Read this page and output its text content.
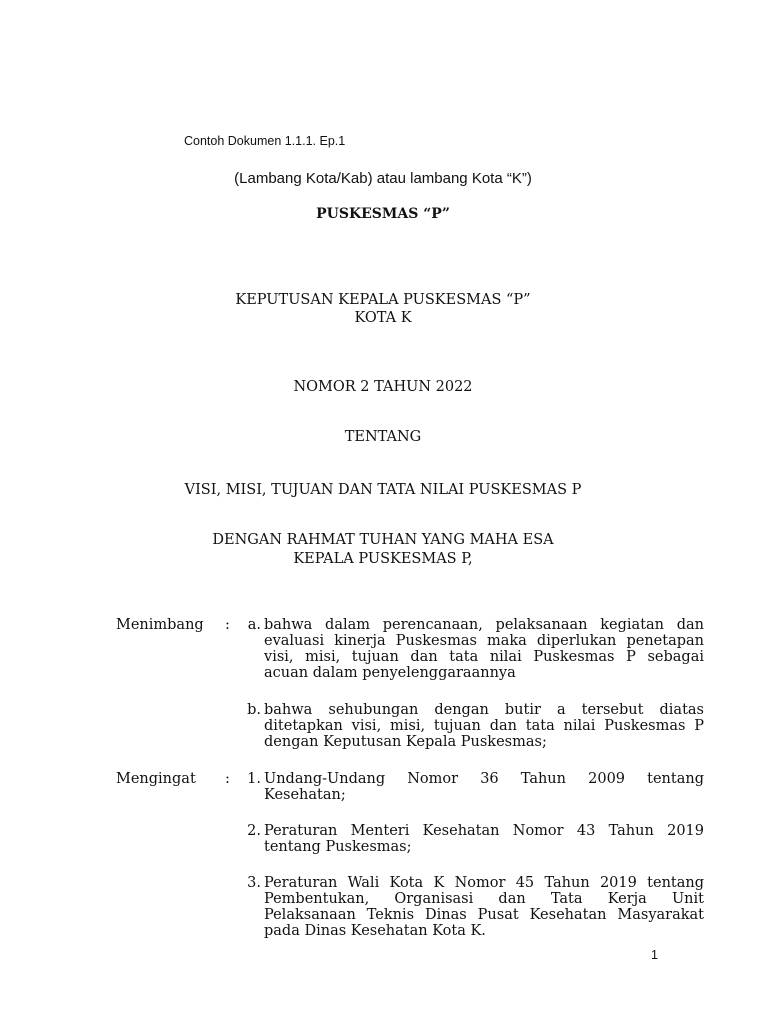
Contoh Dokumen 1.1.1. Ep.1
(Lambang Kota/Kab) atau lambang Kota “K”)
PUSKESMAS “P”
KEPUTUSAN KEPALA PUSKESMAS “P”
KOTA K
NOMOR 2 TAHUN 2022
TENTANG
VISI, MISI, TUJUAN DAN TATA NILAI PUSKESMAS P
DENGAN RAHMAT TUHAN YANG MAHA ESA
KEPALA PUSKESMAS P,
Menimbang :	a. bahwa dalam perencanaan, pelaksanaan kegiatan dan
evaluasi kinerja Puskesmas maka diperlukan penetapan
visi, misi, tujuan dan tata nilai Puskesmas P sebagai
acuan dalam penyelenggaraannya
b. bahwa sehubungan dengan butir a tersebut diatas
ditetapkan visi, misi, tujuan dan tata nilai Puskesmas P
dengan Keputusan Kepala Puskesmas;
Mengingat :	1. Undang-Undang Nomor 36 Tahun 2009 tentang
Kesehatan;
2. Peraturan Menteri Kesehatan Nomor 43 Tahun 2019
tentang Puskesmas;
3. Peraturan Wali Kota K Nomor 45 Tahun 2019 tentang
Pembentukan, Organisasi dan Tata Kerja Unit
Pelaksanaan Teknis Dinas Pusat Kesehatan Masyarakat
pada Dinas Kesehatan Kota K.
1
